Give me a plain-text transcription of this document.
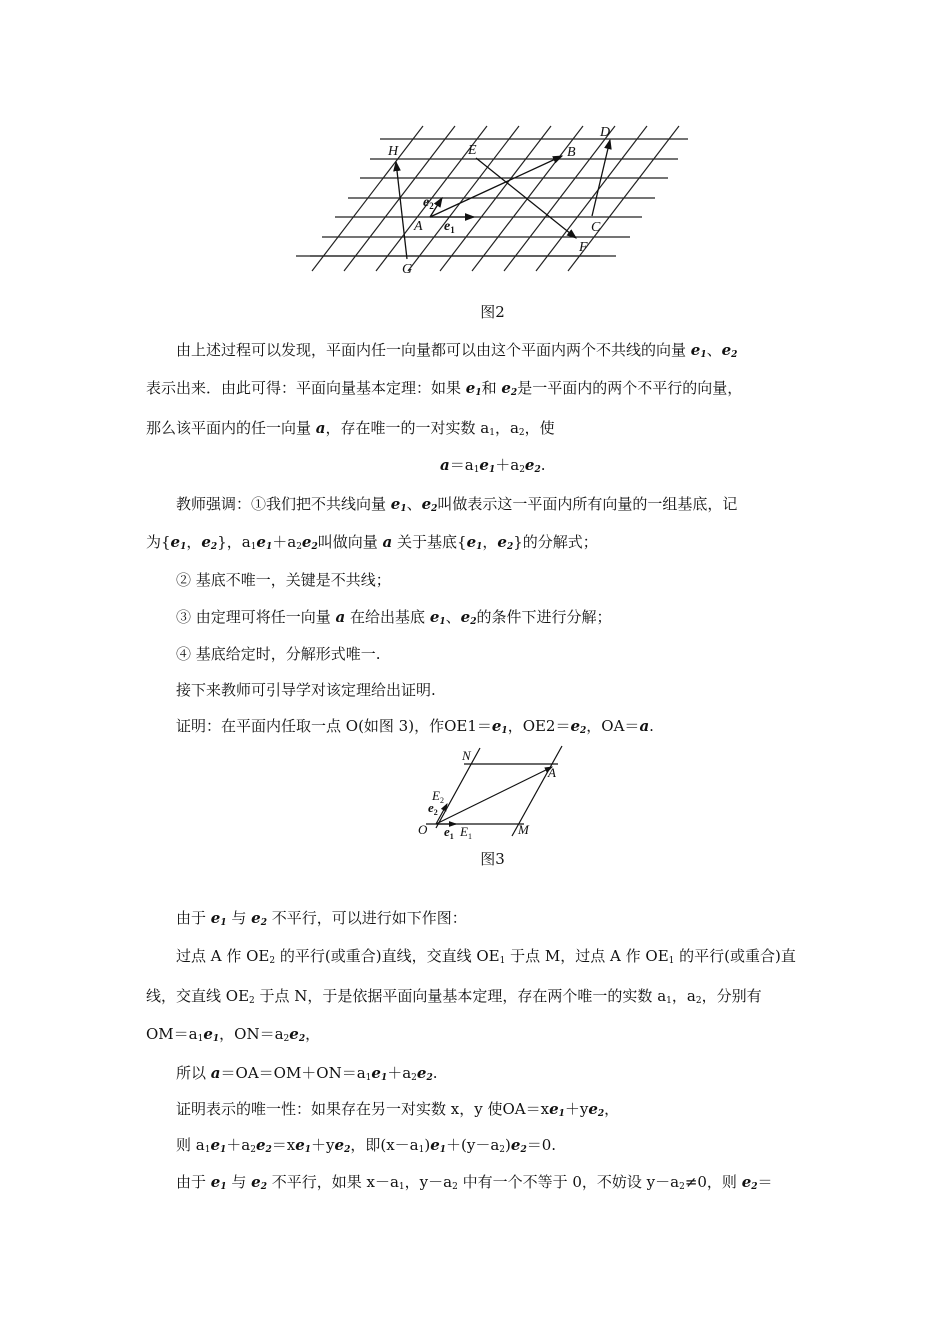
H	E	B
D
A	C
F
G
$e_1$
$e_2$
图2
由上述过程可以发现，平面内任一向量都可以由这个平面内两个不共线的向量 $e_1$、$e_2$
表示出来．由此可得：平面向量基本定理：如果 $e_1$和 $e_2$是一平面内的两个不平行的向量，
那么该平面内的任一向量 a，存在唯一的一对实数 $a_1$，$a_2$，使
$a=a_1e_1+a_2e_2$.
教师强调：①我们把不共线向量 $e_1$、$e_2$叫做表示这一平面内所有向量的一组基底，记
为{$e_1$，$e_2$}，$a_1e_1+a_2e_2$叫做向量 a 关于基底{$e_1$，$e_2$}的分解式；
② 基底不唯一，关键是不共线；
③ 由定理可将任一向量 a 在给出基底 $e_1$、$e_2$的条件下进行分解；
④ 基底给定时，分解形式唯一.
接下来教师可引导学对该定理给出证明.
证明：在平面内任取一点 O(如图 3)，作$OE1=e_1$，$OE2=e_2$，OA＝a.
N
A
$E_2$
$e_2$
O $e_1$ $E_1$	M
图3
由于 $e_1$ 与 $e_2$ 不平行，可以进行如下作图：
过点 A 作 $OE_2$ 的平行(或重合)直线，交直线 $OE_1$ 于点 M，过点 A 作 $OE_1$ 的平行(或重合)直
线，交直线 $OE_2$ 于点 N，于是依据平面向量基本定理，存在两个唯一的实数 $a_1$，$a_2$，分别有
$OM=a_1e_1$，$ON=a_2e_2$，
所以 $a=OA=OM+ON=a_1e_1+a_2e_2$.
证明表示的唯一性：如果存在另一对实数 x，y 使$OA=xe_1+ye_2$，
则 $a_1e_1+a_2e_2=xe_1+ye_2$，即$(x-a_1)e_1+(y-a_2)e_2=0$.
由于 $e_1$ 与 $e_2$ 不平行，如果 $x-a_1$，$y-a_2$ 中有一个不等于 0，不妨设 $y-a_2\ne 0$，则 $e_2=$
